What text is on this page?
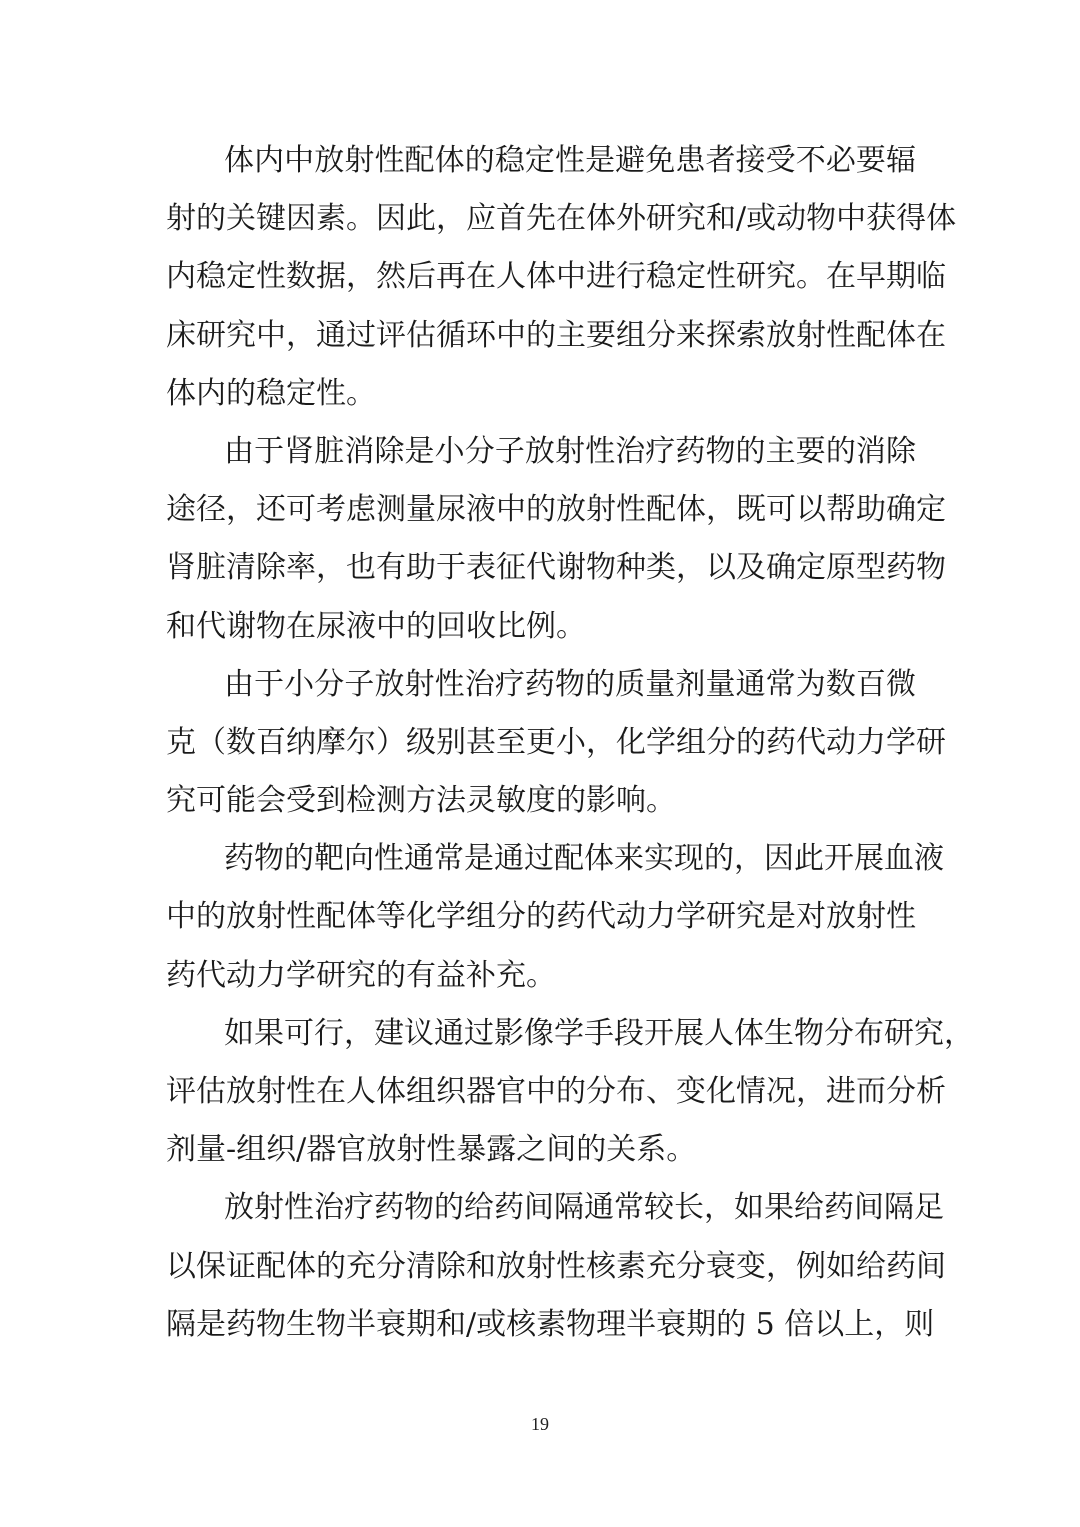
体内中放射性配体的稳定性是避免患者接受不必要辐
射的关键因素。因此，应首先在体外研究和/或动物中获得体
内稳定性数据，然后再在人体中进行稳定性研究。在早期临
床研究中，通过评估循环中的主要组分来探索放射性配体在
体内的稳定性。
由于肾脏消除是小分子放射性治疗药物的主要的消除
途径，还可考虑测量尿液中的放射性配体，既可以帮助确定
肾脏清除率，也有助于表征代谢物种类，以及确定原型药物
和代谢物在尿液中的回收比例。
由于小分子放射性治疗药物的质量剂量通常为数百微
克（数百纳摩尔）级别甚至更小，化学组分的药代动力学研
究可能会受到检测方法灵敏度的影响。
药物的靶向性通常是通过配体来实现的，因此开展血液
中的放射性配体等化学组分的药代动力学研究是对放射性
药代动力学研究的有益补充。
如果可行，建议通过影像学手段开展人体生物分布研究，
评估放射性在人体组织器官中的分布、变化情况，进而分析
剂量-组织/器官放射性暴露之间的关系。
放射性治疗药物的给药间隔通常较长，如果给药间隔足
以保证配体的充分清除和放射性核素充分衰变，例如给药间
隔是药物生物半衰期和/或核素物理半衰期的 5 倍以上，则
19
